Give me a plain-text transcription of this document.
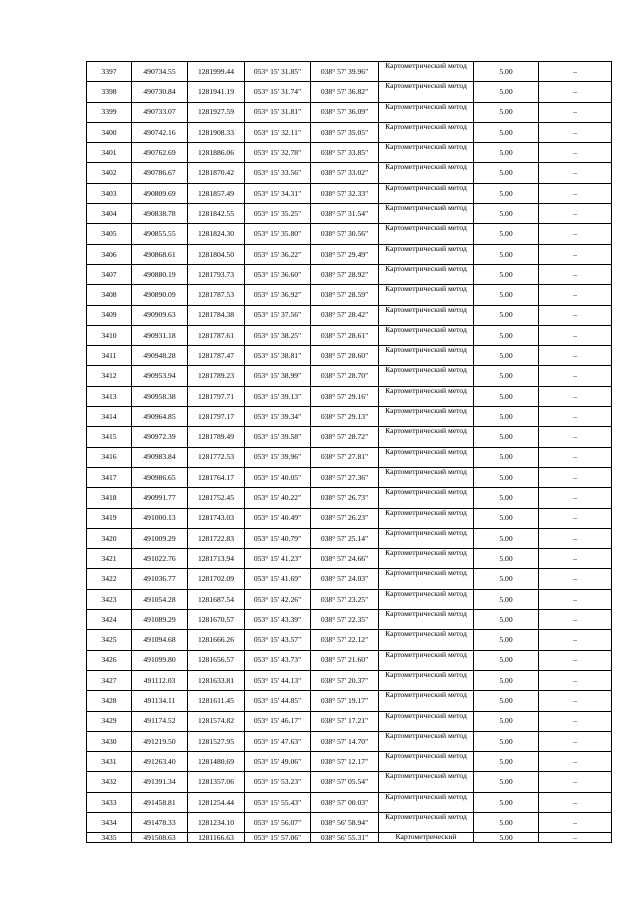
3397	490734.55	1281999.44	053° 15' 31.85"	038° 57' 39.96"	Картометрический метод	5.00	–
3398	490730.84	1281941.19	053° 15' 31.74"	038° 57' 36.82"	Картометрический метод	5.00	–
3399	490733.07	1281927.59	053° 15' 31.81"	038° 57' 36.09"	Картометрический метод	5.00	–
3400	490742.16	1281908.33	053° 15' 32.11"	038° 57' 35.05"	Картометрический метод	5.00	–
3401	490762.69	1281886.06	053° 15' 32.78"	038° 57' 33.85"	Картометрический метод	5.00	–
3402	490786.67	1281870.42	053° 15' 33.56"	038° 57' 33.02"	Картометрический метод	5.00	–
3403	490809.69	1281857.49	053° 15' 34.31"	038° 57' 32.33"	Картометрический метод	5.00	–
3404	490838.78	1281842.55	053° 15' 35.25"	038° 57' 31.54"	Картометрический метод	5.00	–
3405	490855.55	1281824.30	053° 15' 35.80"	038° 57' 30.56"	Картометрический метод	5.00	–
3406	490868.61	1281804.50	053° 15' 36.22"	038° 57' 29.49"	Картометрический метод	5.00	–
3407	490880.19	1281793.73	053° 15' 36.60"	038° 57' 28.92"	Картометрический метод	5.00	–
3408	490890.09	1281787.53	053° 15' 36.92"	038° 57' 28.59"	Картометрический метод	5.00	–
3409	490909.63	1281784.38	053° 15' 37.56"	038° 57' 28.42"	Картометрический метод	5.00	–
3410	490931.18	1281787.61	053° 15' 38.25"	038° 57' 28.61"	Картометрический метод	5.00	–
3411	490948.28	1281787.47	053° 15' 38.81"	038° 57' 28.60"	Картометрический метод	5.00	–
3412	490953.94	1281789.23	053° 15' 38.99"	038° 57' 28.70"	Картометрический метод	5.00	–
3413	490958.38	1281797.71	053° 15' 39.13"	038° 57' 29.16"	Картометрический метод	5.00	–
3414	490964.85	1281797.17	053° 15' 39.34"	038° 57' 29.13"	Картометрический метод	5.00	–
3415	490972.39	1281789.49	053° 15' 39.58"	038° 57' 28.72"	Картометрический метод	5.00	–
3416	490983.84	1281772.53	053° 15' 39.96"	038° 57' 27.81"	Картометрический метод	5.00	–
3417	490986.65	1281764.17	053° 15' 40.05"	038° 57' 27.36"	Картометрический метод	5.00	–
3418	490991.77	1281752.45	053° 15' 40.22"	038° 57' 26.73"	Картометрический метод	5.00	–
3419	491000.13	1281743.03	053° 15' 40.49"	038° 57' 26.23"	Картометрический метод	5.00	–
3420	491009.29	1281722.83	053° 15' 40.79"	038° 57' 25.14"	Картометрический метод	5.00	–
3421	491022.76	1281713.94	053° 15' 41.23"	038° 57' 24.66"	Картометрический метод	5.00	–
3422	491036.77	1281702.09	053° 15' 41.69"	038° 57' 24.03"	Картометрический метод	5.00	–
3423	491054.28	1281687.54	053° 15' 42.26"	038° 57' 23.25"	Картометрический метод	5.00	–
3424	491089.29	1281670.57	053° 15' 43.39"	038° 57' 22.35"	Картометрический метод	5.00	–
3425	491094.68	1281666.26	053° 15' 43.57"	038° 57' 22.12"	Картометрический метод	5.00	–
3426	491099.80	1281656.57	053° 15' 43.73"	038° 57' 21.60"	Картометрический метод	5.00	–
3427	491112.03	1281633.81	053° 15' 44.13"	038° 57' 20.37"	Картометрический метод	5.00	–
3428	491134.11	1281611.45	053° 15' 44.85"	038° 57' 19.17"	Картометрический метод	5.00	–
3429	491174.52	1281574.82	053° 15' 46.17"	038° 57' 17.21"	Картометрический метод	5.00	–
3430	491219.50	1281527.95	053° 15' 47.63"	038° 57' 14.70"	Картометрический метод	5.00	–
3431	491263.40	1281480.69	053° 15' 49.06"	038° 57' 12.17"	Картометрический метод	5.00	–
3432	491391.34	1281357.06	053° 15' 53.23"	038° 57' 05.54"	Картометрический метод	5.00	–
3433	491458.81	1281254.44	053° 15' 55.43"	038° 57' 00.03"	Картометрический метод	5.00	–
3434	491478.33	1281234.10	053° 15' 56.07"	038° 56' 58.94"	Картометрический метод	5.00	–
3435	491508.63	1281166.63	053° 15' 57.06"	038° 56' 55.31"	Картометрический	5.00	–
